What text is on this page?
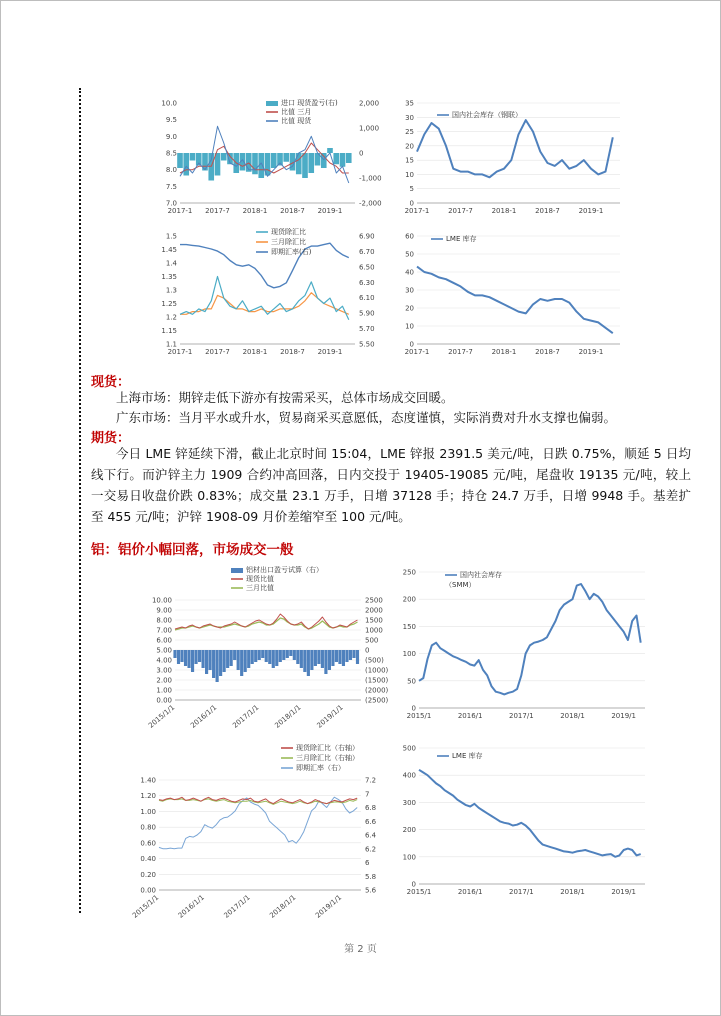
10.0
9.5
9.0
8.5
8.0
7.5
7.0
2,000
1,000
0
-1,000
-2,000
2017-1 2017-7 2018-1 2018-7 2019-1
进口 现货盈亏(右)
比值 三月
比值 现货
35
30
25
20
15
10
5
0
2017-1	2017-7	2018-1	2018-7	2019-1
国内社会库存（钢联）
1.5
1.45
1.4
1.35
1.3
1.25
1.2
1.15
1.1
6.90
6.70
6.50
6.30
6.10
5.90
5.70
5.50
2017-1 2017-7 2018-1 2018-7 2019-1
现货除汇比
三月除汇比
即期汇率(右)
60
50
40
30
20
10
0
2017-1	2017-7	2018-1	2018-7	2019-1
LME 库存
现货：
上海市场：期锌走低下游亦有按需采买，总体市场成交回暖。
广东市场：当月平水或升水，贸易商采买意愿低，态度谨慎，实际消费对升水支撑也偏弱。
期货：
今日 LME 锌延续下滑，截止北京时间 15:04，LME 锌报 2391.5 美元/吨，日跌 0.75%，顺延 5 日均线下行。而沪锌主力 1909 合约冲高回落，日内交投于 19405-19085 元/吨，尾盘收 19135 元/吨，较上一交易日收盘价跌 0.83%；成交量 23.1 万手，日增 37128 手；持仓 24.7 万手，日增 9948 手。基差扩至 455 元/吨；沪锌 1908-09 月价差缩窄至 100 元/吨。
铝：铝价小幅回落，市场成交一般
10.00
9.00
8.00
7.00
6.00
5.00
4.00
3.00
2.00
1.00
0.00
2500
2000
1500
1000
500
0
(500)
(1000)
(1500)
(2000)
(2500)
2015/1/1 2016/1/1 2017/1/1 2018/1/1 2019/1/1
铝材出口盈亏试算（右）
现货比值
三月比值
250
200
150
100
50
0
2015/1	2016/1	2017/1	2018/1	2019/1
国内社会库存
（SMM）
1.40
1.20
1.00
0.80
0.60
0.40
0.20
0.00
7.2
7
6.8
6.6
6.4
6.2
6
5.8
5.6
2015/1/1 2016/1/1 2017/1/1 2018/1/1 2019/1/1
现货除汇比（右轴）
三月除汇比（右轴）
即期汇率（右）
500
400
300
200
100
0
2015/1	2016/1	2017/1	2018/1	2019/1
LME 库存
第 2 页
